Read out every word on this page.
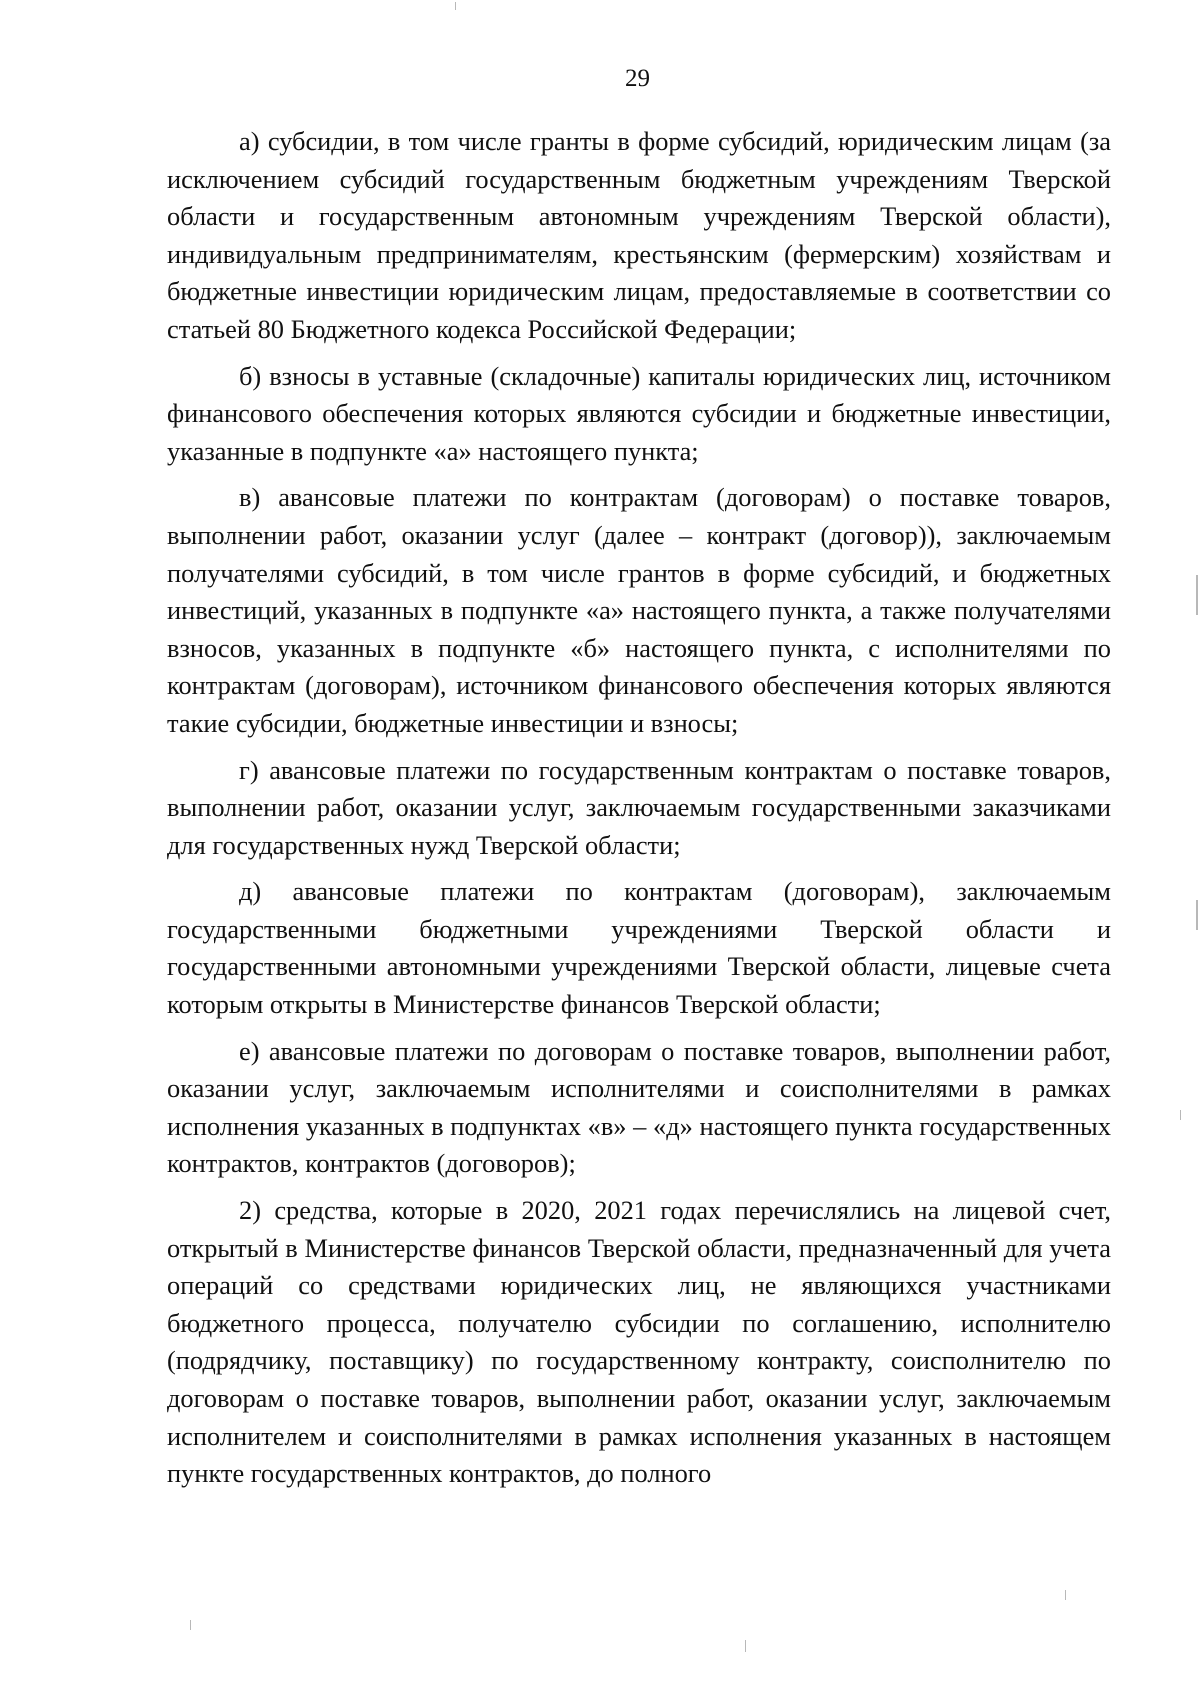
29

а) субсидии, в том числе гранты в форме субсидий, юридическим лицам (за исключением субсидий государственным бюджетным учреждениям Тверской области и государственным автономным учреждениям Тверской области), индивидуальным предпринимателям, крестьянским (фермерским) хозяйствам и бюджетные инвестиции юридическим лицам, предоставляемые в соответствии со статьей 80 Бюджетного кодекса Российской Федерации;

б) взносы в уставные (складочные) капиталы юридических лиц, источником финансового обеспечения которых являются субсидии и бюджетные инвестиции, указанные в подпункте «а» настоящего пункта;

в) авансовые платежи по контрактам (договорам) о поставке товаров, выполнении работ, оказании услуг (далее – контракт (договор)), заключаемым получателями субсидий, в том числе грантов в форме субсидий, и бюджетных инвестиций, указанных в подпункте «а» настоящего пункта, а также получателями взносов, указанных в подпункте «б» настоящего пункта, с исполнителями по контрактам (договорам), источником финансового обеспечения которых являются такие субсидии, бюджетные инвестиции и взносы;

г) авансовые платежи по государственным контрактам о поставке товаров, выполнении работ, оказании услуг, заключаемым государственными заказчиками для государственных нужд Тверской области;

д) авансовые платежи по контрактам (договорам), заключаемым государственными бюджетными учреждениями Тверской области и государственными автономными учреждениями Тверской области, лицевые счета которым открыты в Министерстве финансов Тверской области;

е) авансовые платежи по договорам о поставке товаров, выполнении работ, оказании услуг, заключаемым исполнителями и соисполнителями в рамках исполнения указанных в подпунктах «в» – «д» настоящего пункта государственных контрактов, контрактов (договоров);

2) средства, которые в 2020, 2021 годах перечислялись на лицевой счет, открытый в Министерстве финансов Тверской области, предназначенный для учета операций со средствами юридических лиц, не являющихся участниками бюджетного процесса, получателю субсидии по соглашению, исполнителю (подрядчику, поставщику) по государственному контракту, соисполнителю по договорам о поставке товаров, выполнении работ, оказании услуг, заключаемым исполнителем и соисполнителями в рамках исполнения указанных в настоящем пункте государственных контрактов, до полного
